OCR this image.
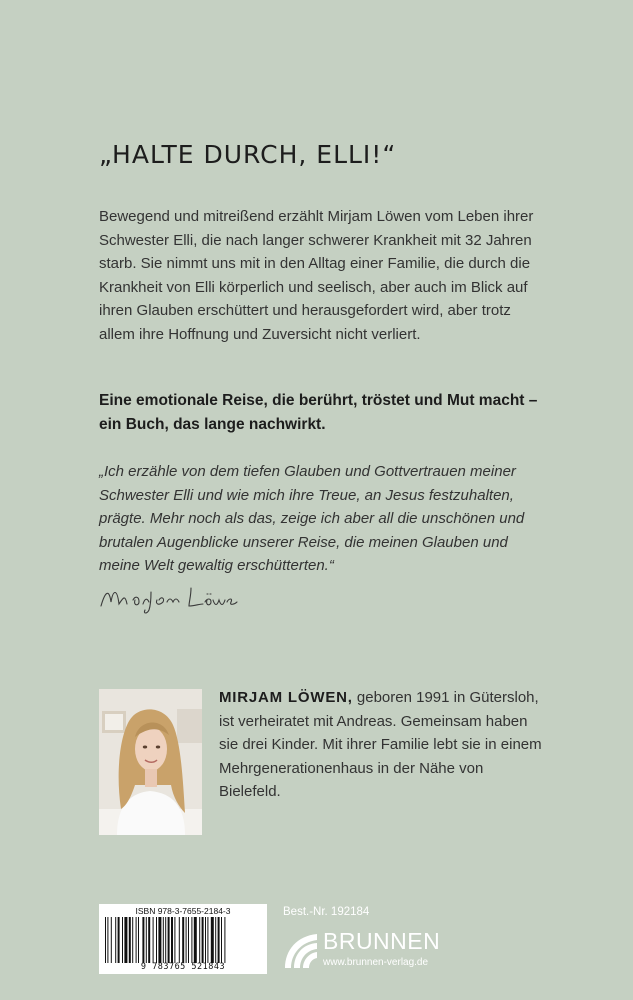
„HALTE DURCH, ELLI!“

Bewegend und mitreißend erzählt Mirjam Löwen vom Leben ihrer Schwester Elli, die nach langer schwerer Krankheit mit 32 Jahren starb. Sie nimmt uns mit in den Alltag einer Familie, die durch die Krankheit von Elli körperlich und seelisch, aber auch im Blick auf ihren Glauben erschüttert und herausgefordert wird, aber trotz allem ihre Hoffnung und Zuversicht nicht verliert.

Eine emotionale Reise, die berührt, tröstet und Mut macht – ein Buch, das lange nachwirkt.

„Ich erzähle von dem tiefen Glauben und Gottvertrauen meiner Schwester Elli und wie mich ihre Treue, an Jesus festzuhalten, prägte. Mehr noch als das, zeige ich aber all die unschönen und brutalen Augenblicke unserer Reise, die meinen Glauben und meine Welt gewaltig erschütterten.“

MIRJAM LÖWEN, geboren 1991 in Gütersloh, ist verheiratet mit Andreas. Gemeinsam haben sie drei Kinder. Mit ihrer Familie lebt sie in einem Mehrgenerationenhaus in der Nähe von Bielefeld.

ISBN 978-3-7655-2184-3
9 783765 521843
Best.-Nr. 192184
BRUNNEN
www.brunnen-verlag.de
